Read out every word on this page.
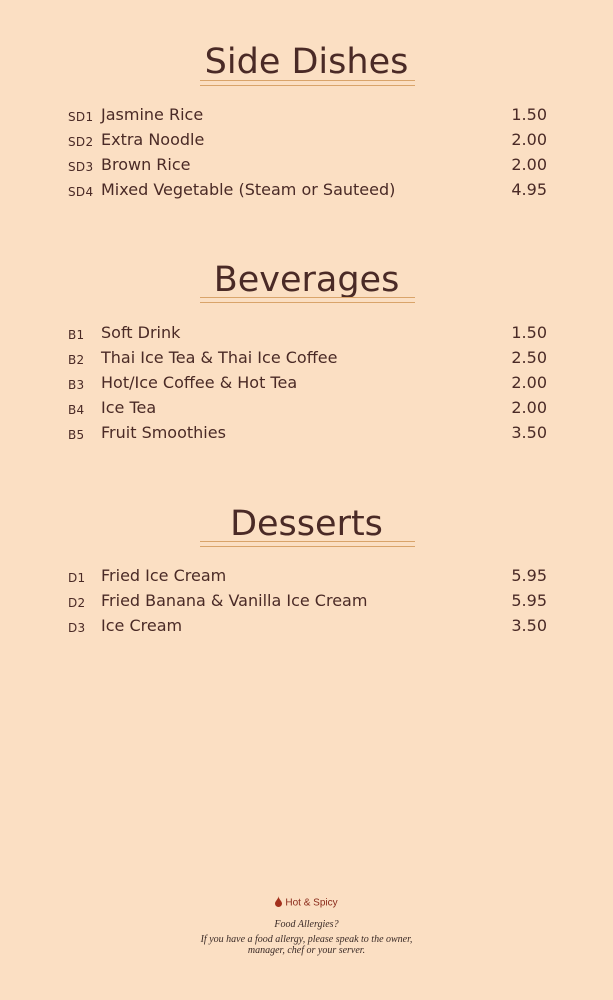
Side Dishes
SD1 Jasmine Rice	1.50
SD2 Extra Noodle	2.00
SD3 Brown Rice	2.00
SD4 Mixed Vegetable (Steam or Sauteed)	4.95
Beverages
B1 Soft Drink	1.50
B2 Thai Ice Tea & Thai Ice Coffee	2.50
B3 Hot/Ice Coffee & Hot Tea	2.00
B4 Ice Tea	2.00
B5 Fruit Smoothies	3.50
Desserts
D1 Fried Ice Cream	5.95
D2 Fried Banana & Vanilla Ice Cream	5.95
D3 Ice Cream	3.50
Hot & Spicy
Food Allergies?
If you have a food allergy, please speak to the owner,
manager, chef or your server.
